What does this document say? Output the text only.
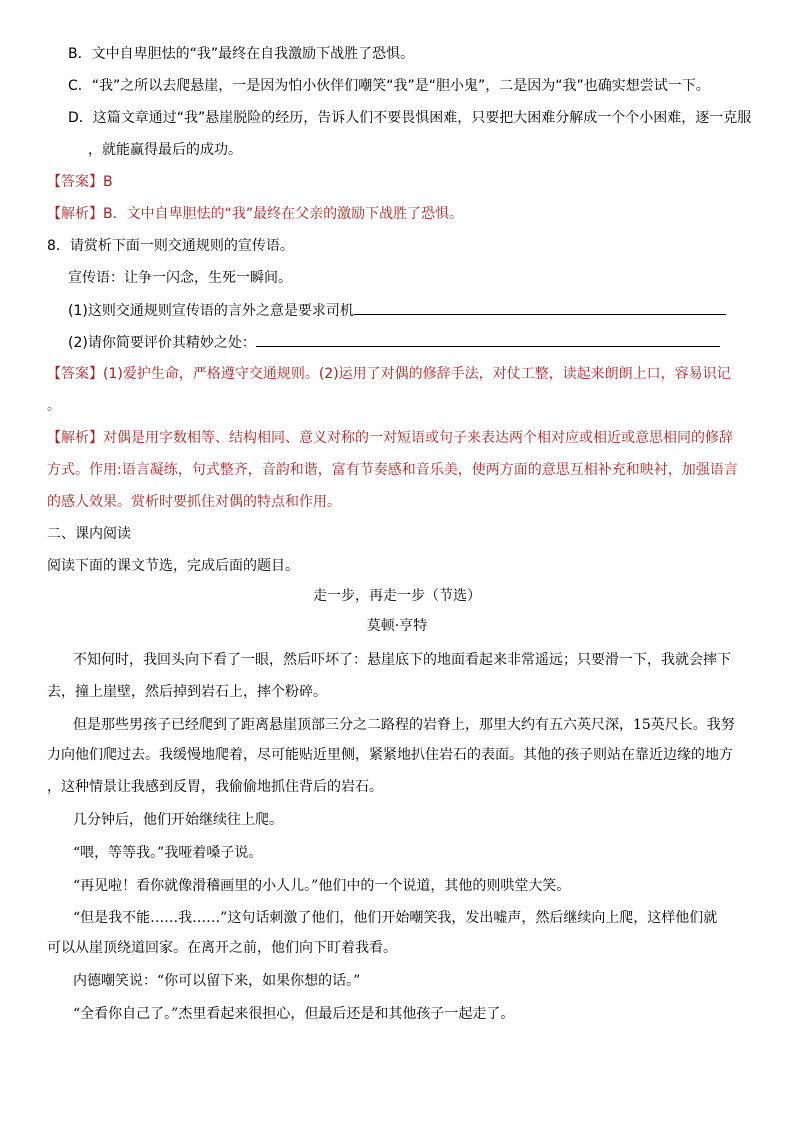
B．文中自卑胆怯的“我”最终在自我激励下战胜了恐惧。
C．“我”之所以去爬悬崖，一是因为怕小伙伴们嘲笑“我”是“胆小鬼”，二是因为“我”也确实想尝试一下。
D．这篇文章通过“我”悬崖脱险的经历，告诉人们不要畏惧困难，只要把大困难分解成一个个小困难，逐一克服
，就能赢得最后的成功。
【答案】B
【解析】B．文中自卑胆怯的“我”最终在父亲的激励下战胜了恐惧。
8．请赏析下面一则交通规则的宣传语。
宣传语：让争一闪念，生死一瞬间。
(1)这则交通规则宣传语的言外之意是要求司机
(2)请你简要评价其精妙之处：
【答案】(1)爱护生命，严格遵守交通规则。(2)运用了对偶的修辞手法，对仗工整，读起来朗朗上口，容易识记
。
【解析】对偶是用字数相等、结构相同、意义对称的一对短语或句子来表达两个相对应或相近或意思相同的修辞
方式。作用:语言凝练，句式整齐，音韵和谐，富有节奏感和音乐美，使两方面的意思互相补充和映衬，加强语言
的感人效果。赏析时要抓住对偶的特点和作用。
二、课内阅读
阅读下面的课文节选，完成后面的题目。
走一步，再走一步（节选）
莫顿·亨特
不知何时，我回头向下看了一眼，然后吓坏了：悬崖底下的地面看起来非常遥远；只要滑一下，我就会摔下
去，撞上崖壁，然后掉到岩石上，摔个粉碎。
但是那些男孩子已经爬到了距离悬崖顶部三分之二路程的岩脊上，那里大约有五六英尺深，15英尺长。我努
力向他们爬过去。我缓慢地爬着，尽可能贴近里侧，紧紧地扒住岩石的表面。其他的孩子则站在靠近边缘的地方
，这种情景让我感到反胃，我偷偷地抓住背后的岩石。
几分钟后，他们开始继续往上爬。
“喂，等等我。”我哑着嗓子说。
“再见啦！看你就像滑稽画里的小人儿。”他们中的一个说道，其他的则哄堂大笑。
“但是我不能……我……”这句话刺激了他们，他们开始嘲笑我，发出嘘声，然后继续向上爬，这样他们就
可以从崖顶绕道回家。在离开之前，他们向下盯着我看。
内德嘲笑说：“你可以留下来，如果你想的话。”
“全看你自己了。”杰里看起来很担心，但最后还是和其他孩子一起走了。
